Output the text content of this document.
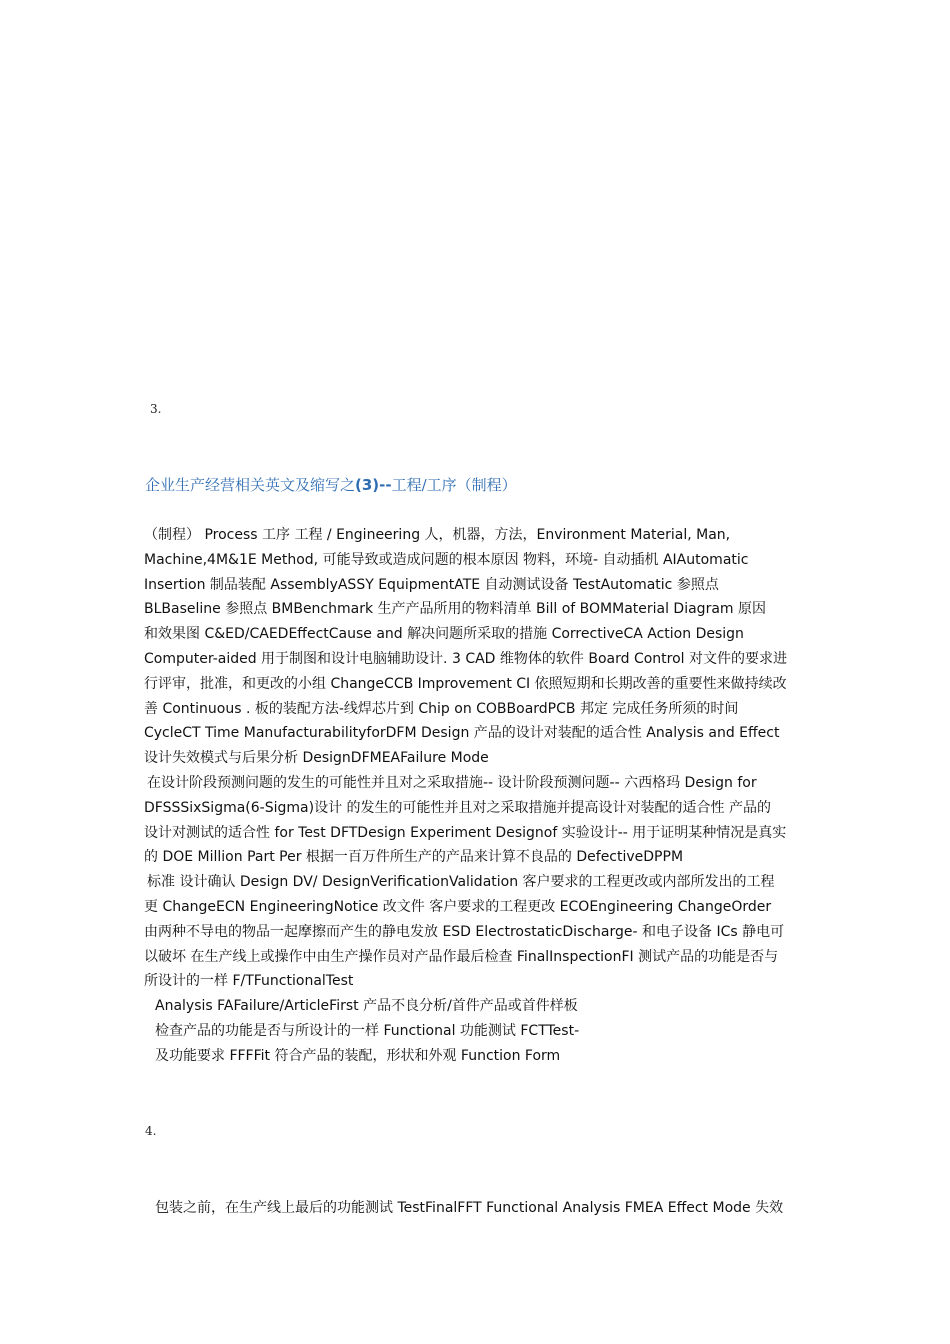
3.
企业生产经营相关英文及缩写之(3)--工程/工序（制程）
（制程） Process 工序 工程 / Engineering 人，机器，方法，Environment Material, Man,
Machine,4M&1E Method, 可能导致或造成问题的根本原因 物料，环境- 自动插机 AIAutomatic
Insertion 制品装配 AssemblyASSY EquipmentATE 自动测试设备 TestAutomatic 参照点
BLBaseline 参照点 BMBenchmark 生产产品所用的物料清单 Bill of BOMMaterial Diagram 原因
和效果图 C&ED/CAEDEffectCause and 解决问题所采取的措施 CorrectiveCA Action Design
Computer-aided 用于制图和设计电脑辅助设计. 3 CAD 维物体的软件 Board Control 对文件的要求进
行评审，批准，和更改的小组 ChangeCCB Improvement CI 依照短期和长期改善的重要性来做持续改
善 Continuous . 板的装配方法-线焊芯片到 Chip on COBBoardPCB 邦定 完成任务所须的时间
CycleCT Time ManufacturabilityforDFM Design 产品的设计对装配的适合性 Analysis and Effect
设计失效模式与后果分析 DesignDFMEAFailure Mode
在设计阶段预测问题的发生的可能性并且对之采取措施-- 设计阶段预测问题-- 六西格玛 Design for
DFSSSixSigma(6-Sigma)设计 的发生的可能性并且对之采取措施并提高设计对装配的适合性 产品的
设计对测试的适合性 for Test DFTDesign Experiment Designof 实验设计-- 用于证明某种情况是真实
的 DOE Million Part Per 根据一百万件所生产的产品来计算不良品的 DefectiveDPPM
标准 设计确认 Design DV/ DesignVerificationValidation 客户要求的工程更改或内部所发出的工程
更 ChangeECN EngineeringNotice 改文件 客户要求的工程更改 ECOEngineering ChangeOrder
由两种不导电的物品一起摩擦而产生的静电发放 ESD ElectrostaticDischarge- 和电子设备 ICs 静电可
以破坏 在生产线上或操作中由生产操作员对产品作最后检查 FinalInspectionFI 测试产品的功能是否与
所设计的一样 F/TFunctionalTest
Analysis FAFailure/ArticleFirst 产品不良分析/首件产品或首件样板
检查产品的功能是否与所设计的一样 Functional 功能测试 FCTTest-
及功能要求 FFFFit 符合产品的装配，形状和外观 Function Form
4.
包装之前，在生产线上最后的功能测试 TestFinalFFT Functional Analysis FMEA Effect Mode 失效
